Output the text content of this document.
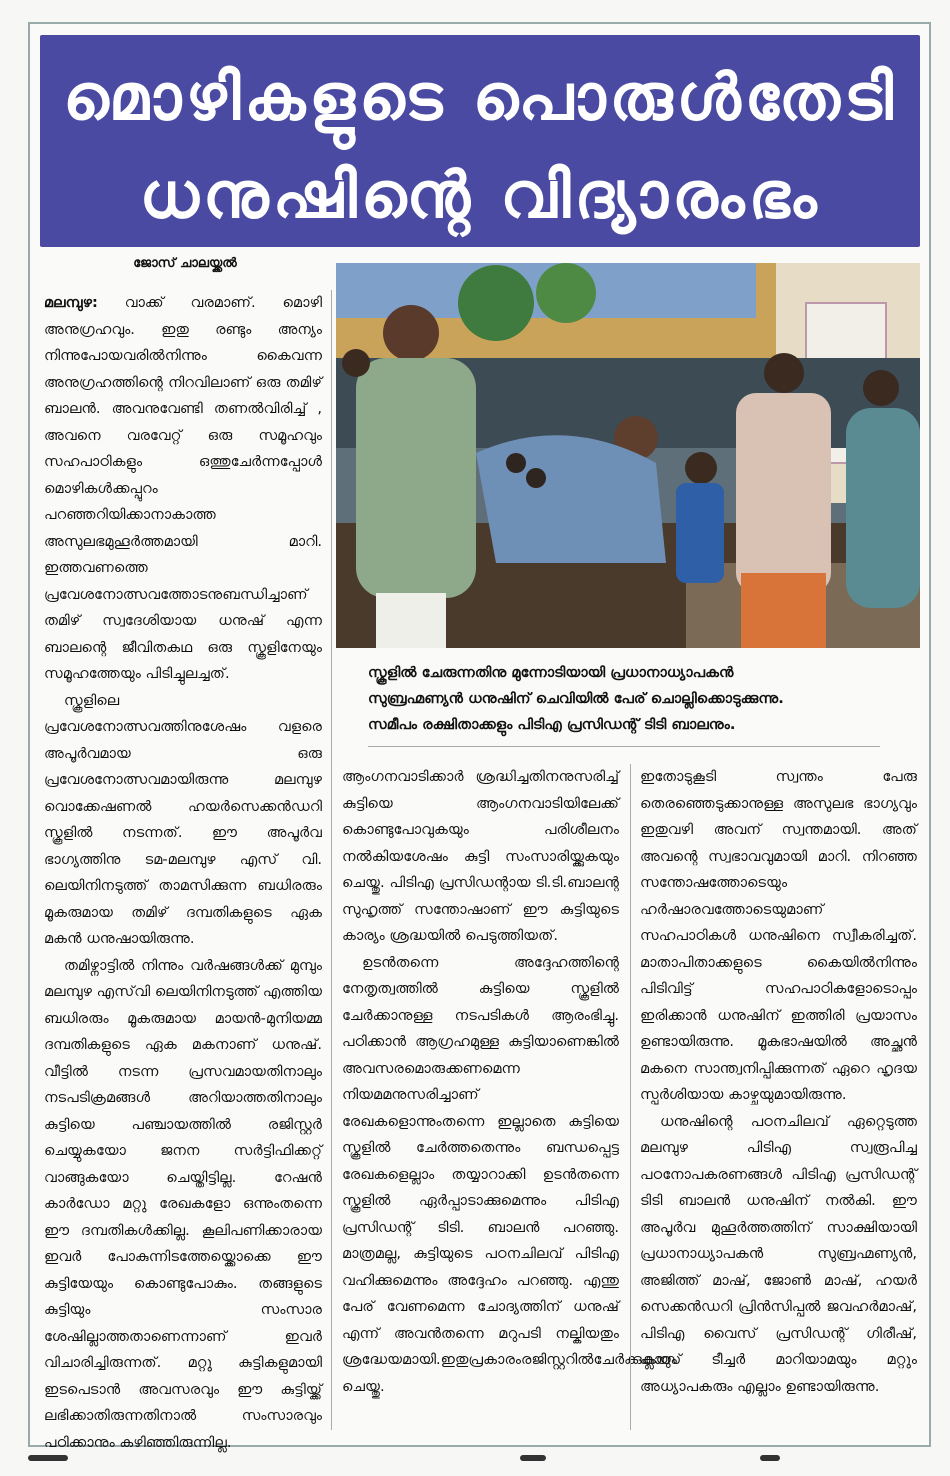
മൊഴികളുടെ പൊരുൾതേടി
ധനുഷിന്റെ വിദ്യാരംഭം
ജോസ് ചാലയ്ക്കൽ

മലമ്പുഴ: വാക്ക് വരമാണ്. മൊഴി അനുഗ്രഹവും. ഇതു രണ്ടും അന്യം നിന്നുപോയവരിൽനിന്നും കൈവന്ന അനുഗ്രഹത്തിന്റെ നിറവിലാണ് ഒരു തമിഴ് ബാലൻ. അവനുവേണ്ടി തണൽവിരിച്ച് , അവനെ വരവേറ്റ് ഒരു സമൂഹവും സഹപാഠികളും ഒത്തുചേർന്നപ്പോൾ മൊഴികൾക്കപ്പുറം പറഞ്ഞറിയിക്കാനാകാത്ത അസുലഭമുഹൂർത്തമായി മാറി. ഇത്തവണത്തെ പ്രവേശനോത്സവത്തോടനുബന്ധിച്ചാണ് തമിഴ് സ്വദേശിയായ ധനുഷ് എന്ന ബാലന്റെ ജീവിതകഥ ഒരു സ്കൂളിനേയും സമൂഹത്തേയും പിടിച്ചുലച്ചത്.

സ്കൂളിലെ പ്രവേശനോത്സവത്തിനുശേഷം വളരെ അപൂർവമായ ഒരു പ്രവേശനോത്സവമായിരുന്നു മലമ്പുഴ വൊക്കേഷണൽ ഹയർസെക്കൻഡറി സ്കൂളിൽ നടന്നത്. ഈ അപൂർവ ഭാഗ്യത്തിനു ടമ-മലമ്പുഴ എസ് വി. ലെയിനിനടുത്ത് താമസിക്കുന്ന ബധിരരും മൂകരുമായ തമിഴ് ദമ്പതികളുടെ ഏക മകൻ ധനുഷായിരുന്നു.

തമിഴ്നാട്ടിൽ നിന്നും വർഷങ്ങൾക്ക് മുമ്പും മലമ്പുഴ എസ്‌വി ലെയിനിനടുത്ത് എത്തിയ ബധിരരും മൂകരുമായ മായൻ-മുനിയമ്മ ദമ്പതികളുടെ ഏക മകനാണ് ധനുഷ്. വീട്ടിൽ നടന്ന പ്രസവമായതിനാലും നടപടിക്രമങ്ങൾ അറിയാത്തതിനാലും കുട്ടിയെ പഞ്ചായത്തിൽ രജിസ്റ്റർ ചെയ്യുകയോ ജനന സർട്ടിഫിക്കറ്റ് വാങ്ങുകയോ ചെയ്തിട്ടില്ല. റേഷൻ കാർഡോ മറ്റു രേഖകളോ ഒന്നുംതന്നെ ഈ ദമ്പതികൾക്കില്ല. കൂലിപണിക്കാരായ ഇവർ പോകുന്നിടത്തേയ്ക്കൊക്കെ ഈ കുട്ടിയേയും കൊണ്ടുപോകും. തങ്ങളുടെ കുട്ടിയും സംസാര ശേഷില്ലാത്തതാണെന്നാണ് ഇവർ വിചാരിച്ചിരുന്നത്. മറ്റു കുട്ടികളുമായി ഇടപെടാൻ അവസരവും ഈ കുട്ടിയ്ക്ക് ലഭിക്കാതിരുന്നതിനാൽ സംസാരവും പഠിക്കാനും കഴിഞ്ഞിരുന്നില്ല.

സ്കൂളിൽ ചേരുന്നതിനു മുന്നോടിയായി പ്രധാനാധ്യാപകൻ
സുബ്രഹ്മണ്യൻ ധനുഷിന് ചെവിയിൽ പേര് ചൊല്ലിക്കൊടുക്കുന്നു.
സമീപം രക്ഷിതാക്കളും പിടിഎ പ്രസിഡന്റ് ടിടി ബാലനും.

ആംഗനവാടിക്കാർ ശ്രദ്ധിച്ചതിനനുസരിച്ച് കുട്ടിയെ ആംഗനവാടിയിലേക്ക് കൊണ്ടുപോവുകയും പരിശീലനം നൽകിയശേഷം കുട്ടി സംസാരിയ്ക്കുകയും ചെയ്തു. പിടിഎ പ്രസിഡന്റായ ടി.ടി.ബാലന്റ സുഹൃത്ത് സന്തോഷാണ് ഈ കുട്ടിയുടെ കാര്യം ശ്രദ്ധയിൽ പെടുത്തിയത്.

ഉടൻതന്നെ അദ്ദേഹത്തിന്റെ നേതൃത്വത്തിൽ കുട്ടിയെ സ്കൂളിൽ ചേർക്കാനുള്ള നടപടികൾ ആരംഭിച്ചു. പഠിക്കാൻ ആഗ്രഹമുള്ള കുട്ടിയാണെങ്കിൽ അവസരമൊരുക്കണമെന്ന നിയമമനുസരിച്ചാണ് രേഖകളൊന്നുംതന്നെ ഇല്ലാതെ കുട്ടിയെ സ്കൂളിൽ ചേർത്തതെന്നും ബന്ധപ്പെട്ട രേഖകളെല്ലാം തയ്യാറാക്കി ഉടൻതന്നെ സ്കൂളിൽ ഏർപ്പാടാക്കുമെന്നും പിടിഎ പ്രസിഡന്റ് ടിടി. ബാലൻ പറഞ്ഞു. മാത്രമല്ല, കുട്ടിയുടെ പഠനചിലവ് പിടിഎ വഹിക്കുമെന്നും അദ്ദേഹം പറഞ്ഞു. എന്തു പേര് വേണമെന്ന ചോദ്യത്തിന് ധനുഷ് എന്ന് അവൻതന്നെ മറുപടി നല്കിയതും ശ്രദ്ധേയമായി.ഇതുപ്രകാരംരജിസ്റ്ററിൽചേർക്കുകയും ചെയ്തു.

ഇതോടുകൂടി സ്വന്തം പേരു തെരഞ്ഞെടുക്കാനുള്ള അസുലഭ ഭാഗ്യവും ഇതുവഴി അവന് സ്വന്തമായി. അത് അവന്റെ സ്വഭാവവുമായി മാറി. നിറഞ്ഞ സന്തോഷത്തോടെയും ഹർഷാരവത്തോടെയുമാണ് സഹപാഠികൾ ധനുഷിനെ സ്വീകരിച്ചത്. മാതാപിതാക്കളുടെ കൈയിൽനിന്നും പിടിവിട്ട് സഹപാഠികളോടൊപ്പം ഇരിക്കാൻ ധനുഷിന് ഇത്തിരി പ്രയാസം ഉണ്ടായിരുന്നു. മൂകഭാഷയിൽ അച്ഛൻ മകനെ സാന്ത്വനിപ്പിക്കുന്നത് ഏറെ ഹൃദയ സ്പർശിയായ കാഴ്ചയുമായിരുന്നു.

ധനുഷിന്റെ പഠനചിലവ് ഏറ്റെടുത്ത മലമ്പുഴ പിടിഎ സ്വരൂപിച്ച പഠനോപകരണങ്ങൾ പിടിഎ പ്രസിഡന്റ് ടിടി ബാലൻ ധനുഷിന് നൽകി. ഈ അപൂർവ മുഹൂർത്തത്തിന് സാക്ഷിയായി പ്രധാനാധ്യാപകൻ സുബ്രഹ്മണ്യൻ, അജിത്ത് മാഷ്, ജോൺ മാഷ്, ഹയർ സെക്കൻഡറി പ്രിൻസിപ്പൽ ജവഹർമാഷ്, പിടിഎ വൈസ് പ്രസിഡന്റ് ഗിരീഷ്, ക്ലാസ് ടീച്ചർ മാറിയാമയും മറ്റും അധ്യാപകരും എല്ലാം ഉണ്ടായിരുന്നു.
